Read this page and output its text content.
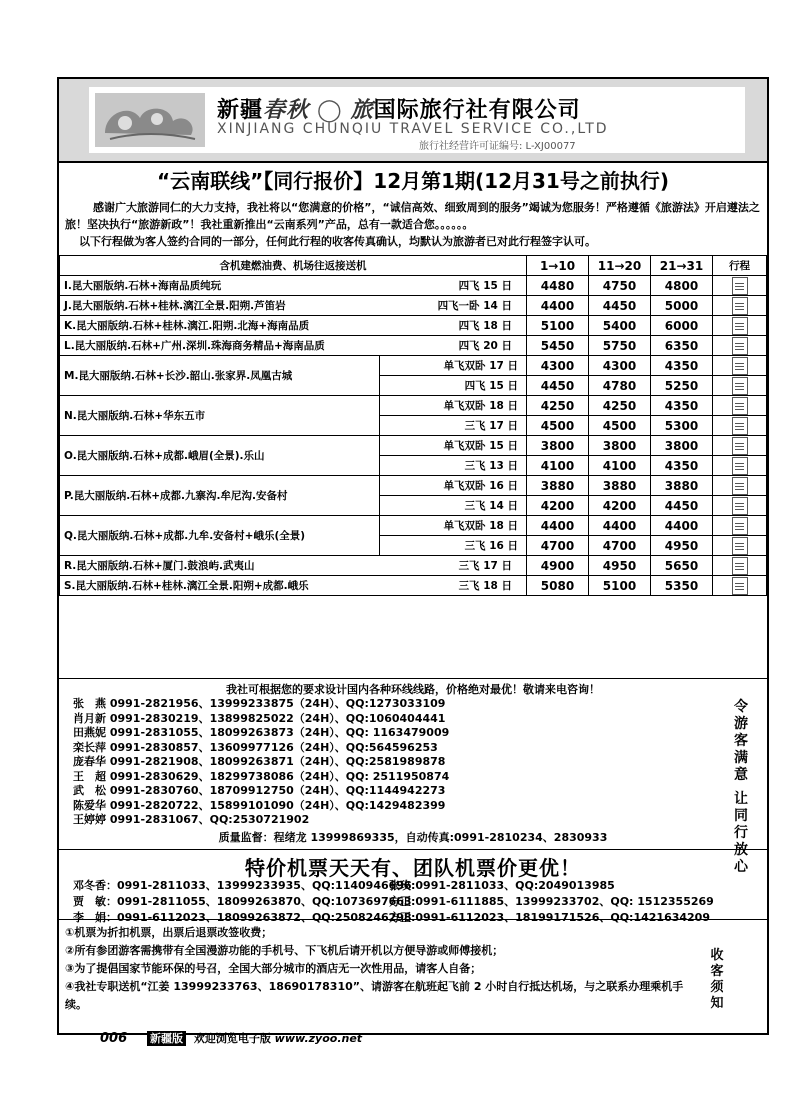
新疆春秋 ◯ 旅国际旅行社有限公司
XINJIANG CHUNQIU TRAVEL SERVICE CO.,LTD
旅行社经营许可证编号: L-XJ00077
“云南联线”【同行报价】12月第1期(12月31号之前执行)

感谢广大旅游同仁的大力支持，我社将以“您满意的价格”，“诚信高效、细致周到的服务”竭诚为您服务！严格遵循《旅游法》开启遵法之旅！坚决执行“旅游新政”！我社重新推出“云南系列”产品，总有一款适合您。。。。。。

以下行程做为客人签约合同的一部分，任何此行程的收客传真确认，均默认为旅游者已对此行程签字认可。

含机建燃油费、机场往返接送机		1→10	11→20	21→31	行程

I.昆大丽版纳.石林+海南品质纯玩 四飞 15 日		4480	4750	4800	

J.昆大丽版纳.石林+桂林.漓江全景.阳朔.芦笛岩 四飞一卧 14 日		4400	4450	5000	

K.昆大丽版纳.石林+桂林.漓江.阳朔.北海+海南品质 四飞 18 日		5100	5400	6000	

L.昆大丽版纳.石林+广州.深圳.珠海商务精品+海南品质 四飞 20 日		5450	5750	6350	
M.昆大丽版纳.石林+长沙.韶山.张家界.凤凰古城	单飞双卧 17 日	4300	4300	4350	
	四飞 15 日	4450	4780	5250	
N.昆大丽版纳.石林+华东五市	单飞双卧 18 日	4250	4250	4350	
	三飞 17 日	4500	4500	5300	
O.昆大丽版纳.石林+成都.峨眉(全景).乐山	单飞双卧 15 日	3800	3800	3800	
	三飞 13 日	4100	4100	4350	
P.昆大丽版纳.石林+成都.九寨沟.牟尼沟.安备村	单飞双卧 16 日	3880	3880	3880	
	三飞 14 日	4200	4200	4450	
Q.昆大丽版纳.石林+成都.九牟.安备村+峨乐(全景)	单飞双卧 18 日	4400	4400	4400	
	三飞 16 日	4700	4700	4950	

R.昆大丽版纳.石林+厦门.鼓浪屿.武夷山 三飞 17 日		4900	4950	5650	

S.昆大丽版纳.石林+桂林.漓江全景.阳朔+成都.峨乐 三飞 18 日		5080	5100	5350	
我社可根据您的要求设计国内各种环线线路，价格绝对最优！敬请来电咨询！
张　燕 0991-2821956、13999233875（24H）、QQ:1273033109
肖月新 0991-2830219、13899825022（24H）、QQ:1060404441
田燕妮 0991-2831055、18099263873（24H）、QQ: 1163479009
栾长萍 0991-2830857、13609977126（24H）、QQ:564596253
庞春华 0991-2821908、18099263871（24H）、QQ:2581989878
王　超 0991-2830629、18299738086（24H）、QQ: 2511950874
武　松 0991-2830760、18709912750（24H）、QQ:1144942273
陈爱华 0991-2820722、15899101090（24H）、QQ:1429482399
王婷婷 0991-2831067、QQ:2530721902
令游客满意
让同行放心
质量监督：程绪龙 13999869335，自动传真:0991-2810234、2830933
特价机票天天有、团队机票价更优！
邓冬香：0991-2811033、13999233935、QQ:1140946696
贾　敏：0991-2811055、18099263870、QQ:1073697663
李　娟：0991-6112023、18099263872、QQ:2508246298
张玫:0991-2811033、QQ:2049013985
方正:0991-6111885、13999233702、QQ: 1512355269
方正:0991-6112023、18199171526、QQ:1421634209

①机票为折扣机票，出票后退票改签收费；

②所有参团游客需携带有全国漫游功能的手机号、下飞机后请开机以方便导游或师傅接机；

③为了提倡国家节能环保的号召，全国大部分城市的酒店无一次性用品，请客人自备；

④我社专职送机“江姜 13999233763、18690178310”、请游客在航班起飞前 2 小时自行抵达机场，与之联系办理乘机手续。

收客须知
006 新疆版 欢迎浏览电子版 www.zyoo.net
